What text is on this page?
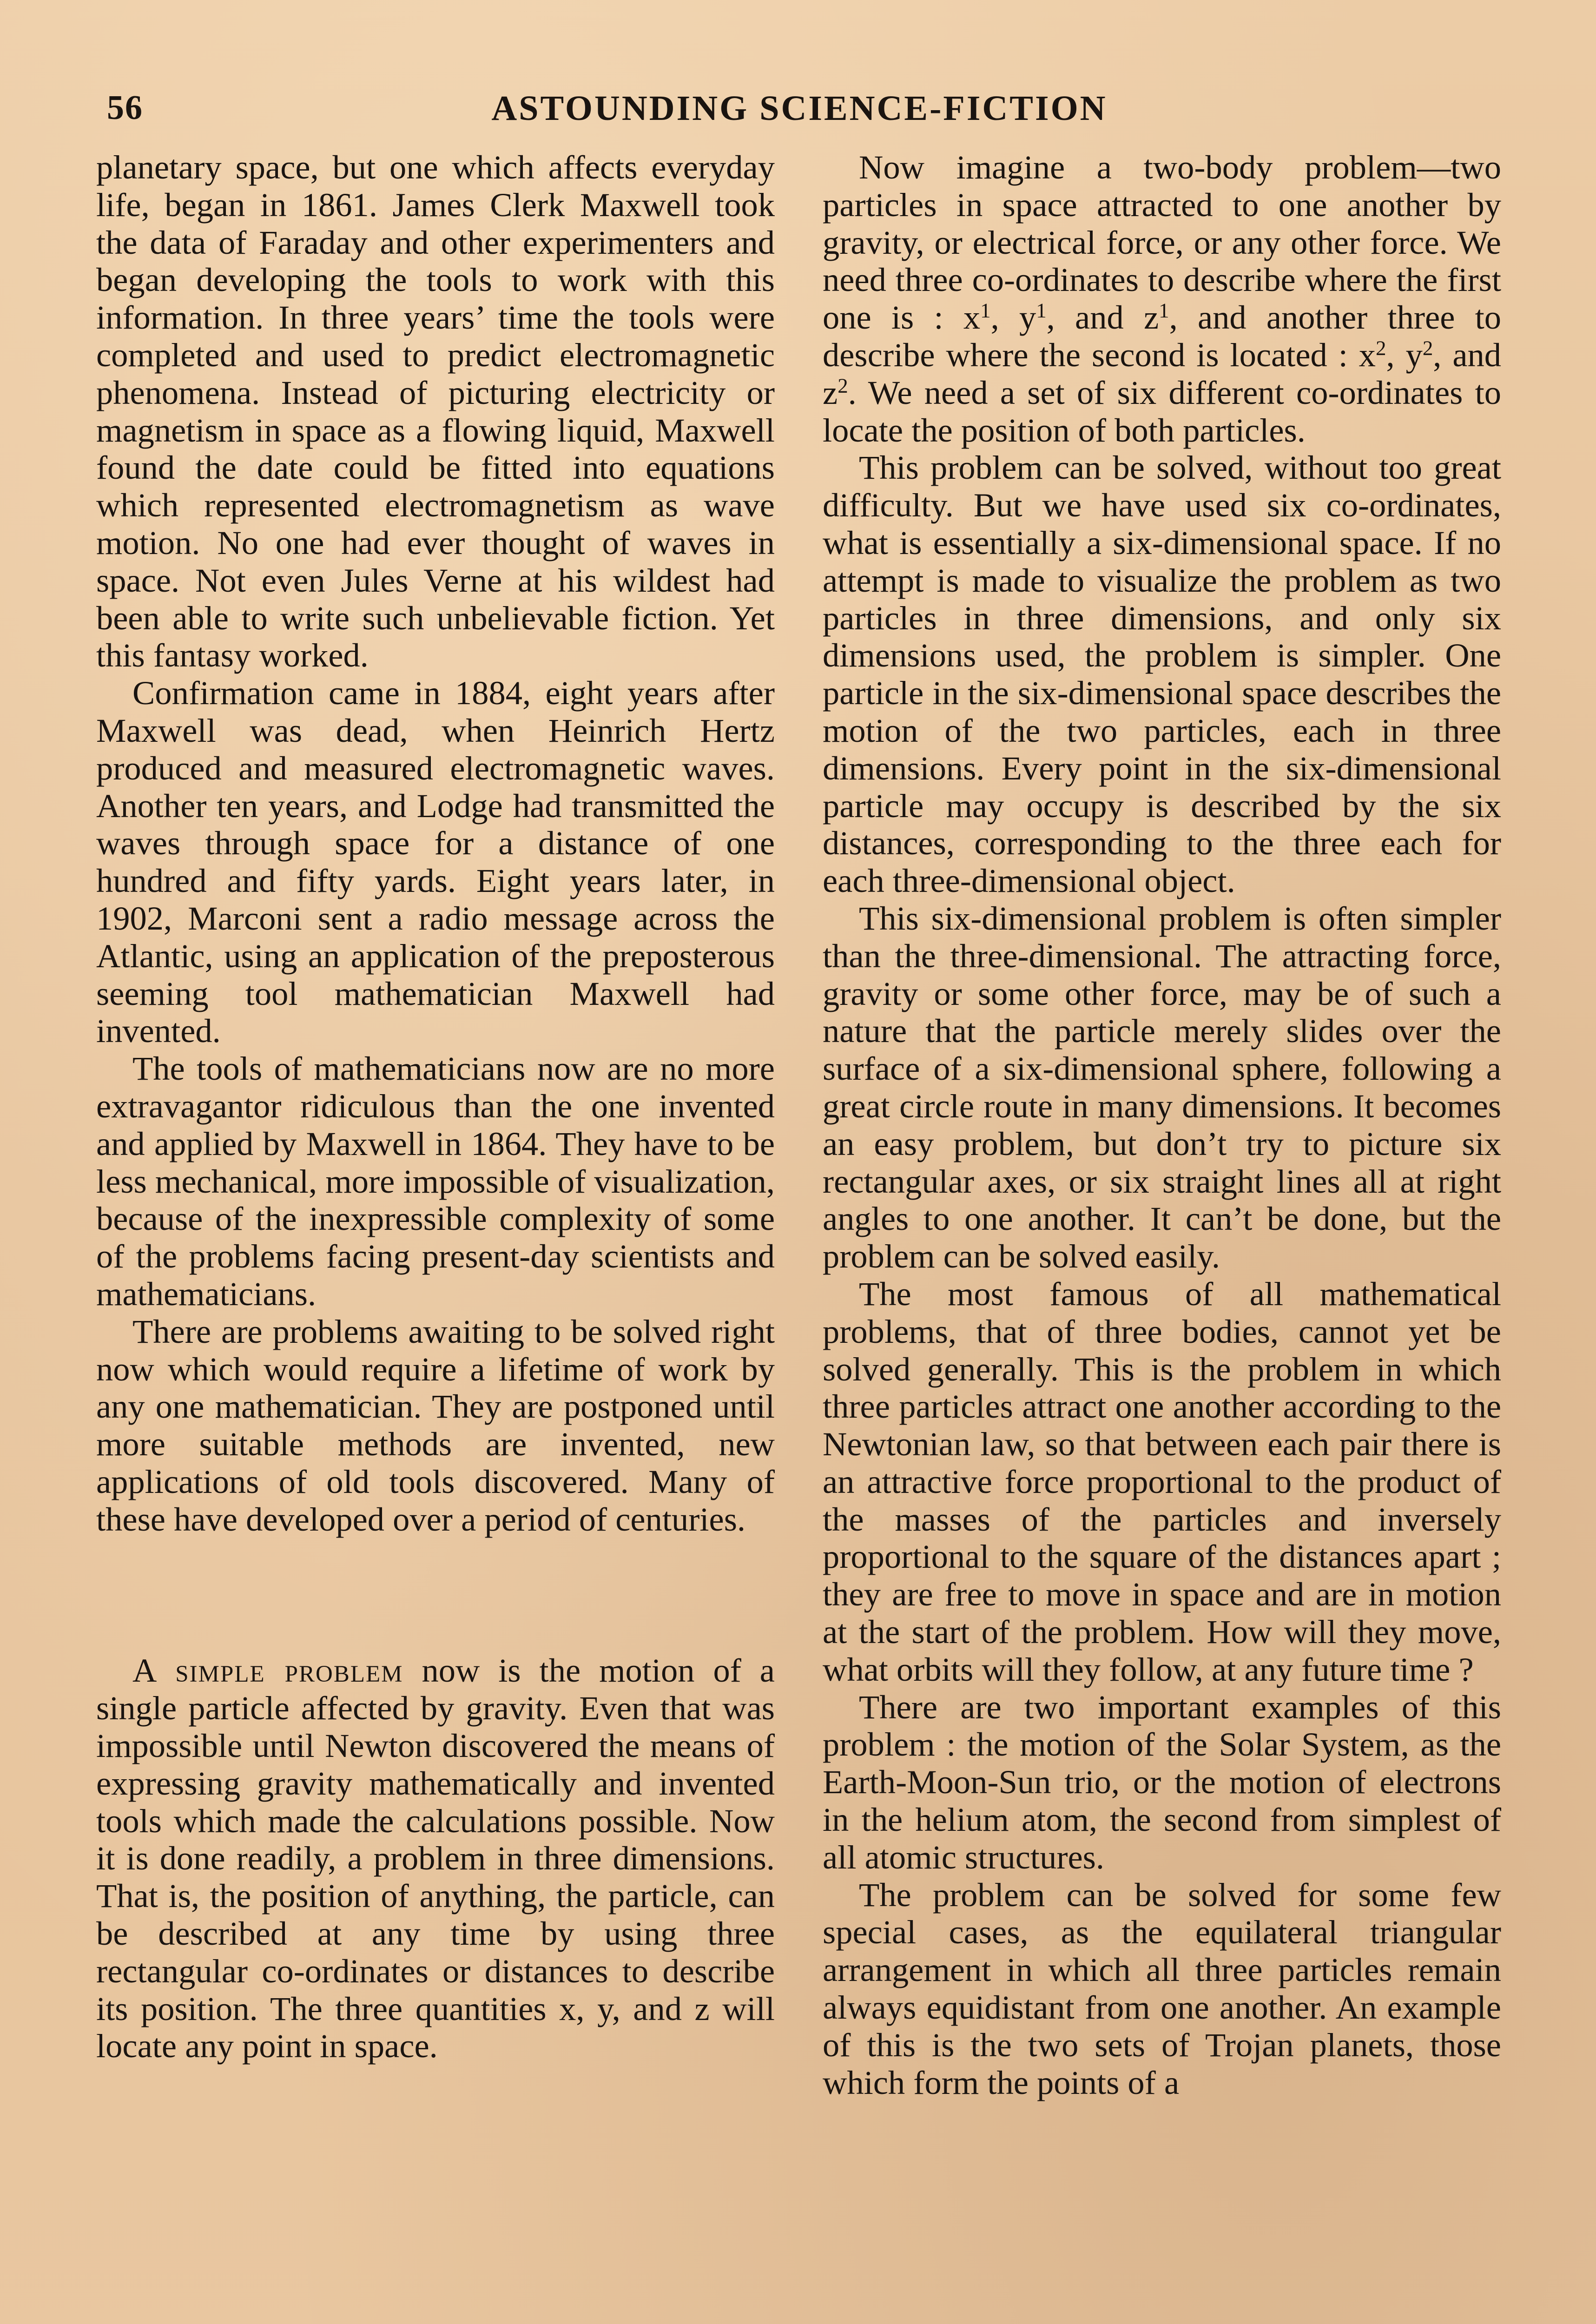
56	ASTOUNDING SCIENCE-FICTION

planetary space, but one which affects everyday life, began in 1861. James Clerk Maxwell took the data of Faraday and other experimenters and began developing the tools to work with this information. In three years’ time the tools were completed and used to predict electromagnetic phenomena. Instead of picturing electricity or magnetism in space as a flowing liquid, Maxwell found the date could be fitted into equations which represented electromagnetism as wave motion. No one had ever thought of waves in space. Not even Jules Verne at his wildest had been able to write such unbelievable fiction. Yet this fantasy worked.

Confirmation came in 1884, eight years after Maxwell was dead, when Heinrich Hertz produced and measured electromagnetic waves. Another ten years, and Lodge had transmitted the waves through space for a distance of one hundred and fifty yards. Eight years later, in 1902, Marconi sent a radio message across the Atlantic, using an application of the preposterous seeming tool mathematician Maxwell had invented.

The tools of mathematicians now are no more extravagantor ridiculous than the one invented and applied by Maxwell in 1864. They have to be less mechanical, more impossible of visualization, because of the inexpressible complexity of some of the problems facing present-day scientists and mathematicians.

There are problems awaiting to be solved right now which would require a lifetime of work by any one mathematician. They are postponed until more suitable methods are invented, new applications of old tools discovered. Many of these have developed over a period of centuries.

A simple problem now is the motion of a single particle affected by gravity. Even that was impossible until Newton discovered the means of expressing gravity mathematically and invented tools which made the calculations possible. Now it is done readily, a problem in three dimensions. That is, the position of anything, the particle, can be described at any time by using three rectangular co-ordinates or distances to describe its position. The three quantities x, y, and z will locate any point in space.

Now imagine a two-body problem—two particles in space attracted to one another by gravity, or electrical force, or any other force. We need three co-ordinates to describe where the first one is : $x^1$, $y^1$, and $z^1$, and another three to describe where the second is located : $x^2$, $y^2$, and $z^2$. We need a set of six different co-ordinates to locate the position of both particles.

This problem can be solved, without too great difficulty. But we have used six co-ordinates, what is essentially a six-dimensional space. If no attempt is made to visualize the problem as two particles in three dimensions, and only six dimensions used, the problem is simpler. One particle in the six-dimensional space describes the motion of the two particles, each in three dimensions. Every point in the six-dimensional particle may occupy is described by the six distances, corresponding to the three each for each three-dimensional object.

This six-dimensional problem is often simpler than the three-dimensional. The attracting force, gravity or some other force, may be of such a nature that the particle merely slides over the surface of a six-dimensional sphere, following a great circle route in many dimensions. It becomes an easy problem, but don’t try to picture six rectangular axes, or six straight lines all at right angles to one another. It can’t be done, but the problem can be solved easily.

The most famous of all mathematical problems, that of three bodies, cannot yet be solved generally. This is the problem in which three particles attract one another according to the Newtonian law, so that between each pair there is an attractive force proportional to the product of the masses of the particles and inversely proportional to the square of the distances apart ; they are free to move in space and are in motion at the start of the problem. How will they move, what orbits will they follow, at any future time ?

There are two important examples of this problem : the motion of the Solar System, as the Earth-Moon-Sun trio, or the motion of electrons in the helium atom, the second from simplest of all atomic structures.

The problem can be solved for some few special cases, as the equilateral triangular arrangement in which all three particles remain always equidistant from one another. An example of this is the two sets of Trojan planets, those which form the points of a
